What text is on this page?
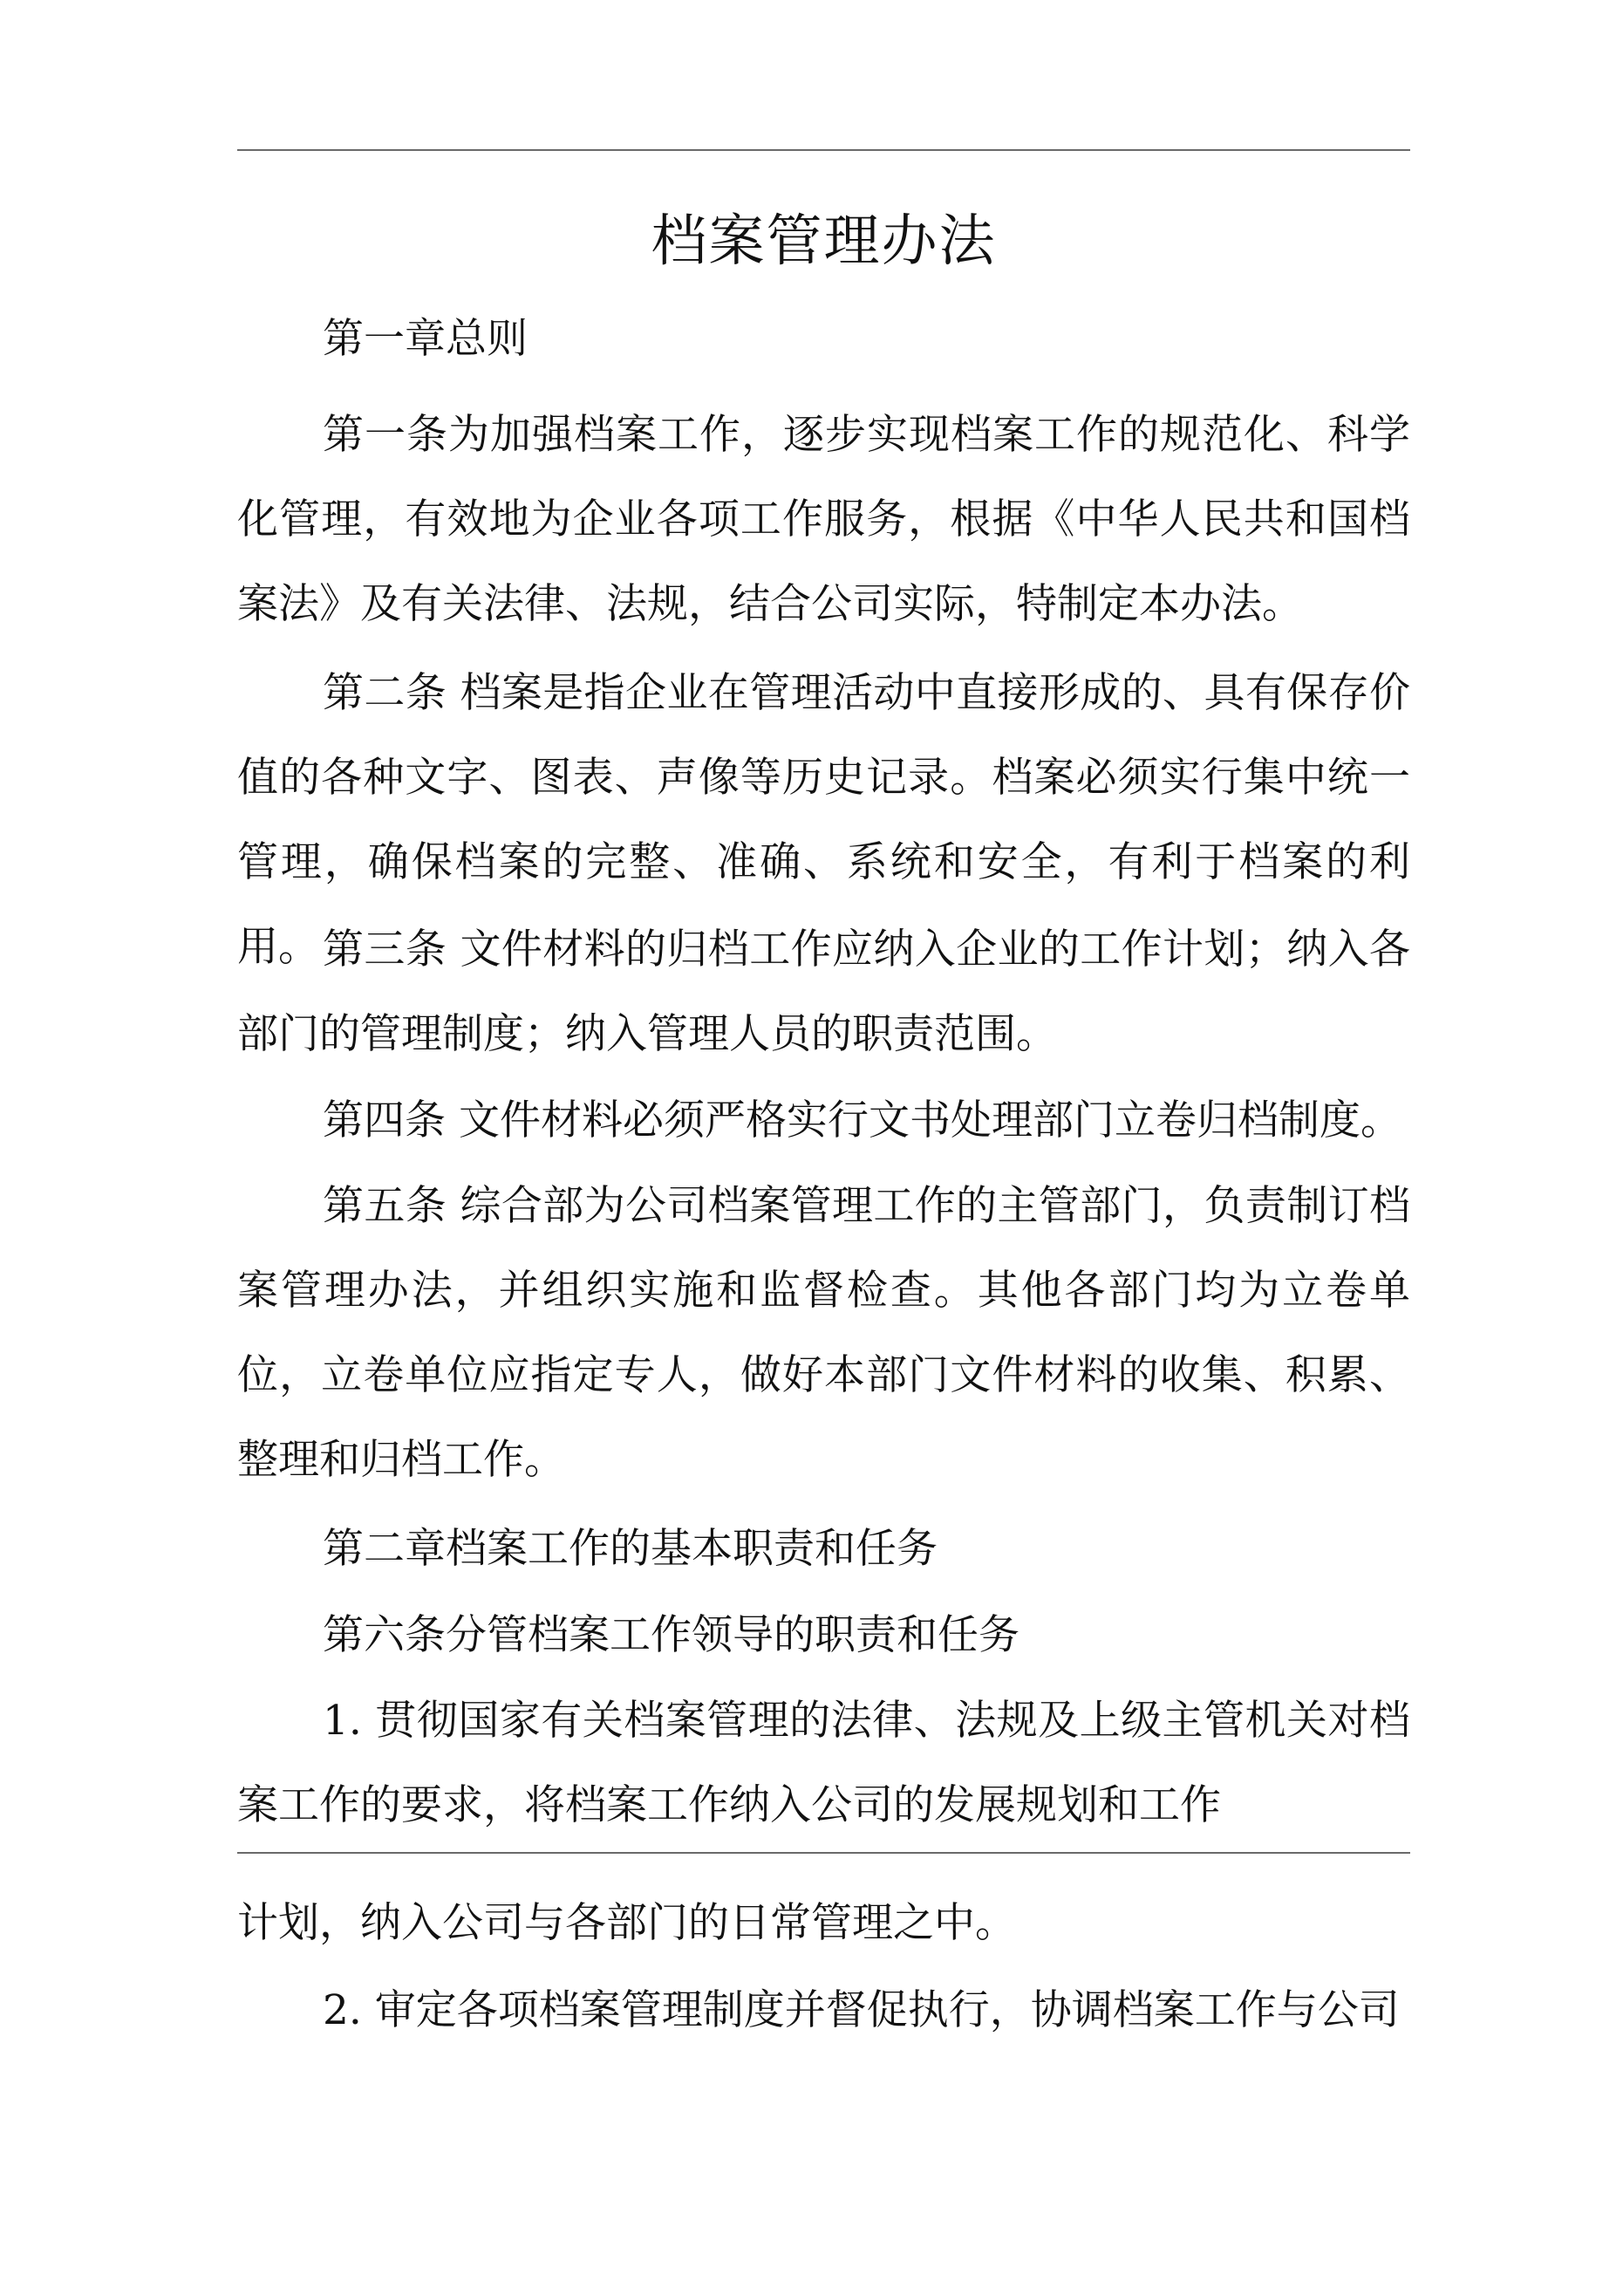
档案管理办法

第一章总则

第一条为加强档案工作，逐步实现档案工作的规范化、科学化管理，有效地为企业各项工作服务，根据《中华人民共和国档案法》及有关法律、法规，结合公司实际，特制定本办法。

第二条 档案是指企业在管理活动中直接形成的、具有保存价值的各种文字、图表、声像等历史记录。档案必须实行集中统一管理，确保档案的完整、准确、系统和安全，有利于档案的利用。 第三条 文件材料的归档工作应纳入企业的工作计划；纳入各部门的管理制度；纳入管理人员的职责范围。

第四条 文件材料必须严格实行文书处理部门立卷归档制度。

第五条 综合部为公司档案管理工作的主管部门，负责制订档案管理办法，并组织实施和监督检查。其他各部门均为立卷单位，立卷单位应指定专人，做好本部门文件材料的收集、积累、整理和归档工作。

第二章档案工作的基本职责和任务

第六条分管档案工作领导的职责和任务

1. 贯彻国家有关档案管理的法律、法规及上级主管机关对档案工作的要求，将档案工作纳入公司的发展规划和工作

计划，纳入公司与各部门的日常管理之中。

2. 审定各项档案管理制度并督促执行，协调档案工作与公司
